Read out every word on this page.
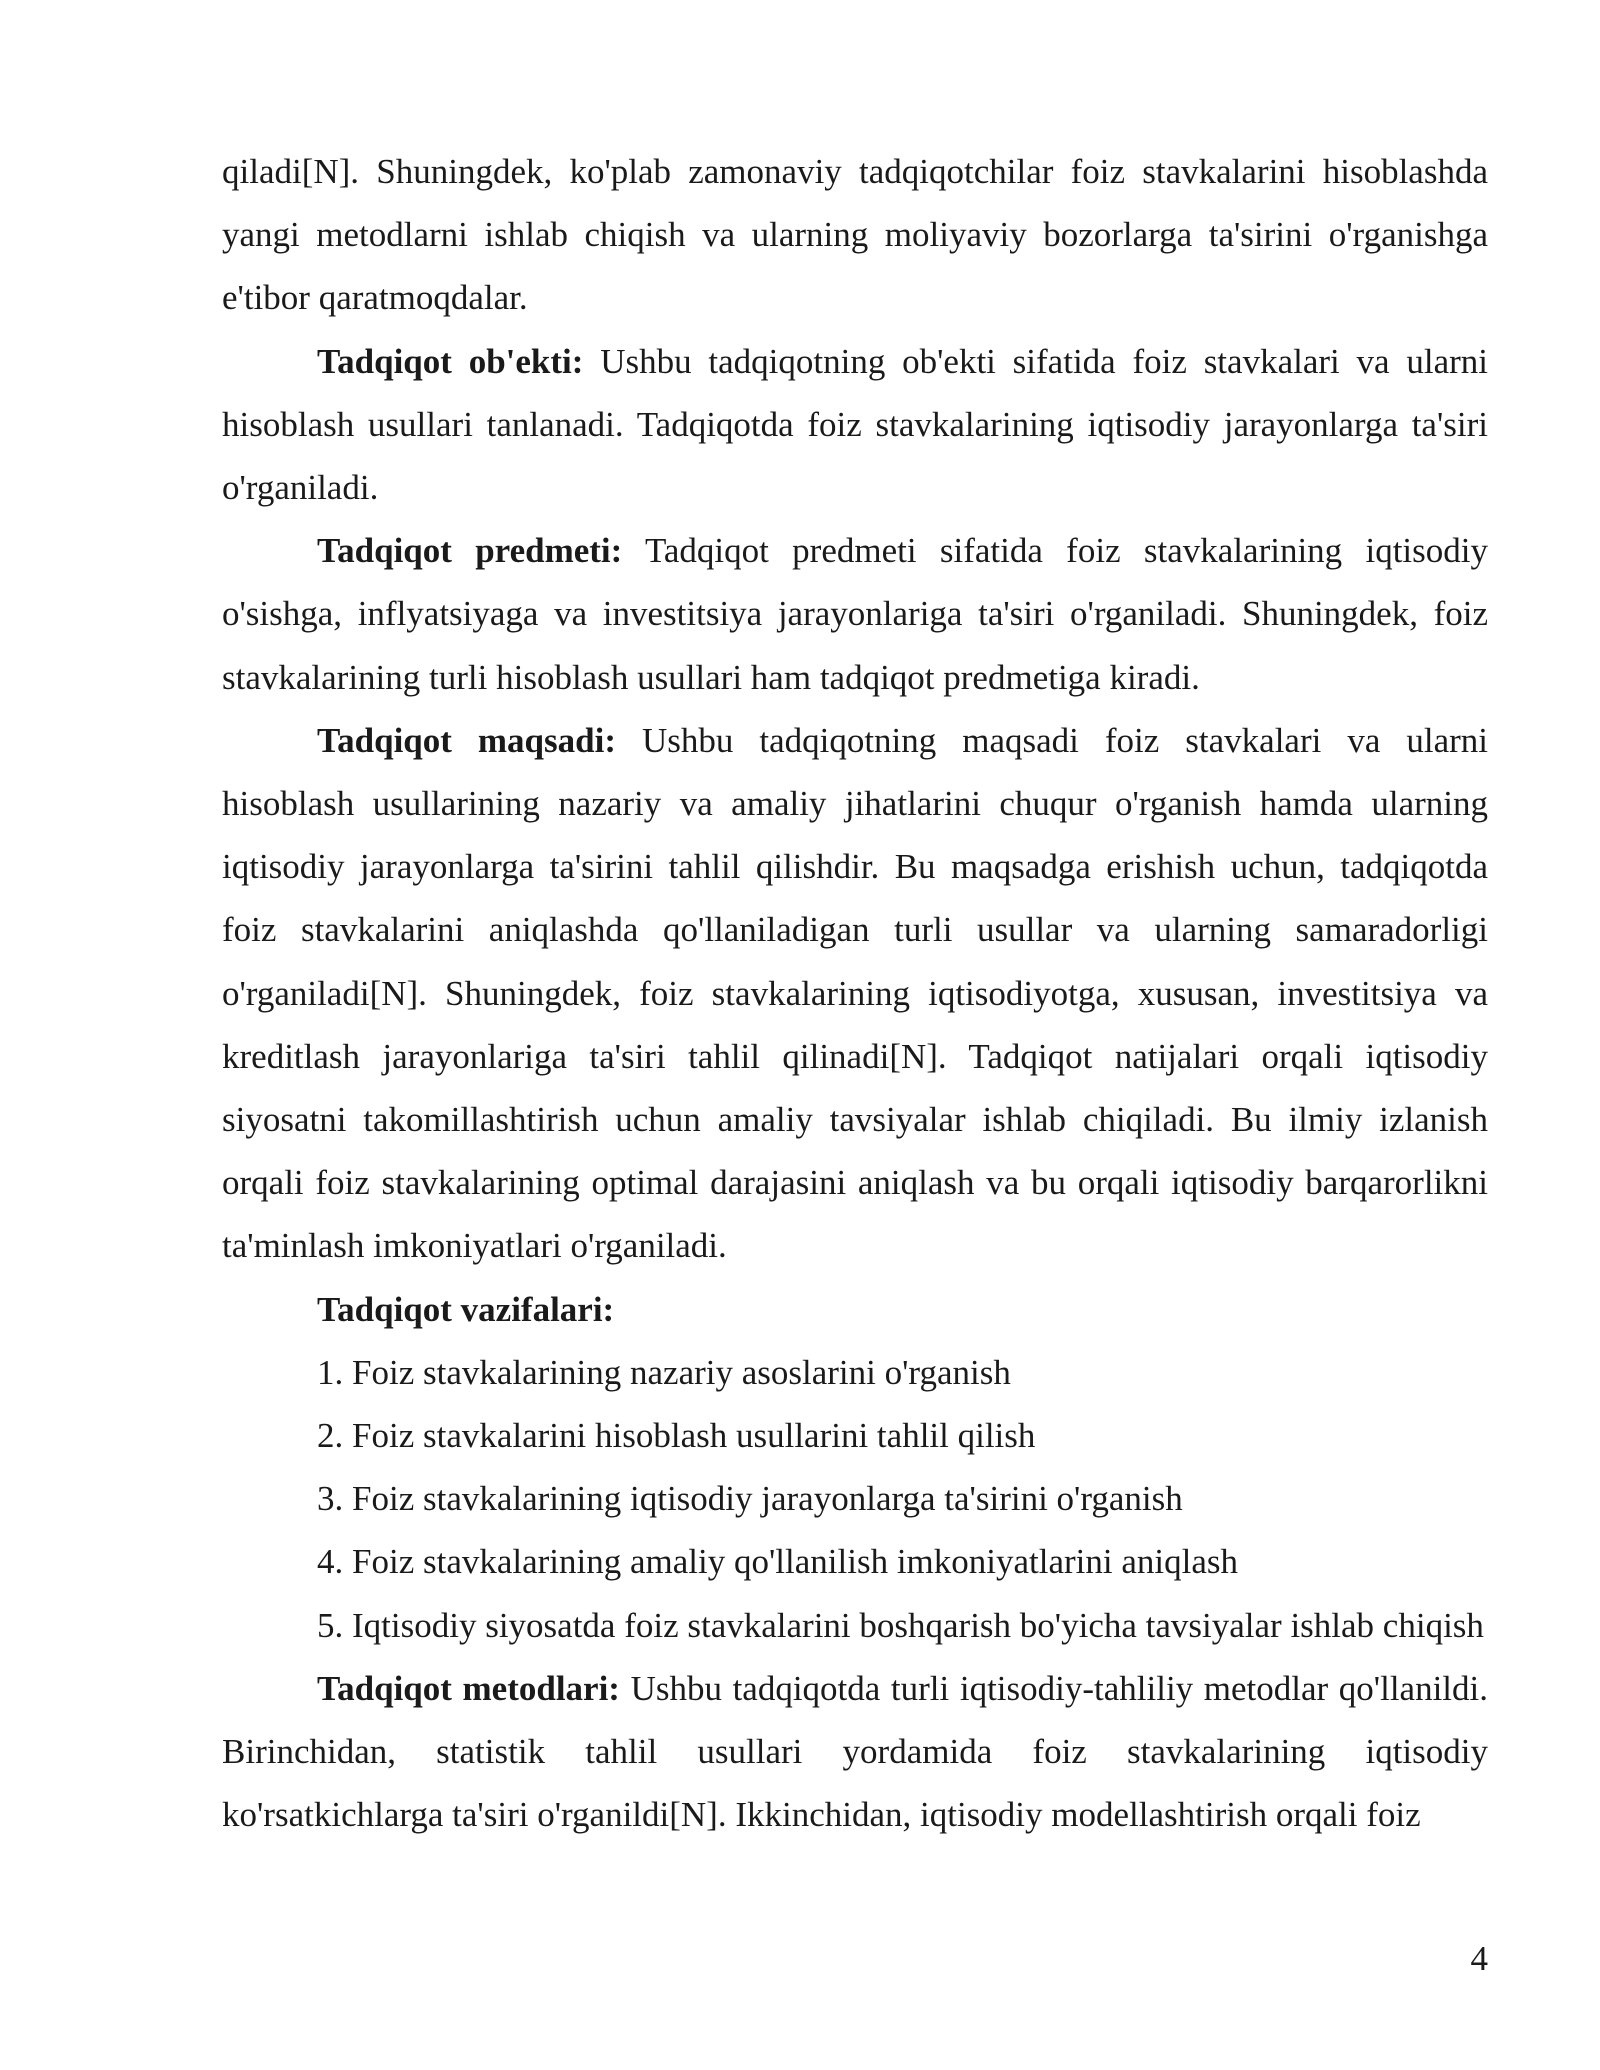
qiladi[N]. Shuningdek, ko'plab zamonaviy tadqiqotchilar foiz stavkalarini hisoblashda yangi metodlarni ishlab chiqish va ularning moliyaviy bozorlarga ta'sirini o'rganishga e'tibor qaratmoqdalar.

Tadqiqot ob'ekti: Ushbu tadqiqotning ob'ekti sifatida foiz stavkalari va ularni hisoblash usullari tanlanadi. Tadqiqotda foiz stavkalarining iqtisodiy jarayonlarga ta'siri o'rganiladi.

Tadqiqot predmeti: Tadqiqot predmeti sifatida foiz stavkalarining iqtisodiy o'sishga, inflyatsiyaga va investitsiya jarayonlariga ta'siri o'rganiladi. Shuningdek, foiz stavkalarining turli hisoblash usullari ham tadqiqot predmetiga kiradi.

Tadqiqot maqsadi: Ushbu tadqiqotning maqsadi foiz stavkalari va ularni hisoblash usullarining nazariy va amaliy jihatlarini chuqur o'rganish hamda ularning iqtisodiy jarayonlarga ta'sirini tahlil qilishdir. Bu maqsadga erishish uchun, tadqiqotda foiz stavkalarini aniqlashda qo'llaniladigan turli usullar va ularning samaradorligi o'rganiladi[N]. Shuningdek, foiz stavkalarining iqtisodiyotga, xususan, investitsiya va kreditlash jarayonlariga ta'siri tahlil qilinadi[N]. Tadqiqot natijalari orqali iqtisodiy siyosatni takomillashtirish uchun amaliy tavsiyalar ishlab chiqiladi. Bu ilmiy izlanish orqali foiz stavkalarining optimal darajasini aniqlash va bu orqali iqtisodiy barqarorlikni ta'minlash imkoniyatlari o'rganiladi.

Tadqiqot vazifalari:

1. Foiz stavkalarining nazariy asoslarini o'rganish
2. Foiz stavkalarini hisoblash usullarini tahlil qilish
3. Foiz stavkalarining iqtisodiy jarayonlarga ta'sirini o'rganish
4. Foiz stavkalarining amaliy qo'llanilish imkoniyatlarini aniqlash
5. Iqtisodiy siyosatda foiz stavkalarini boshqarish bo'yicha tavsiyalar ishlab chiqish

Tadqiqot metodlari: Ushbu tadqiqotda turli iqtisodiy-tahliliy metodlar qo'llanildi. Birinchidan, statistik tahlil usullari yordamida foiz stavkalarining iqtisodiy ko'rsatkichlarga ta'siri o'rganildi[N]. Ikkinchidan, iqtisodiy modellashtirish orqali foiz

4
